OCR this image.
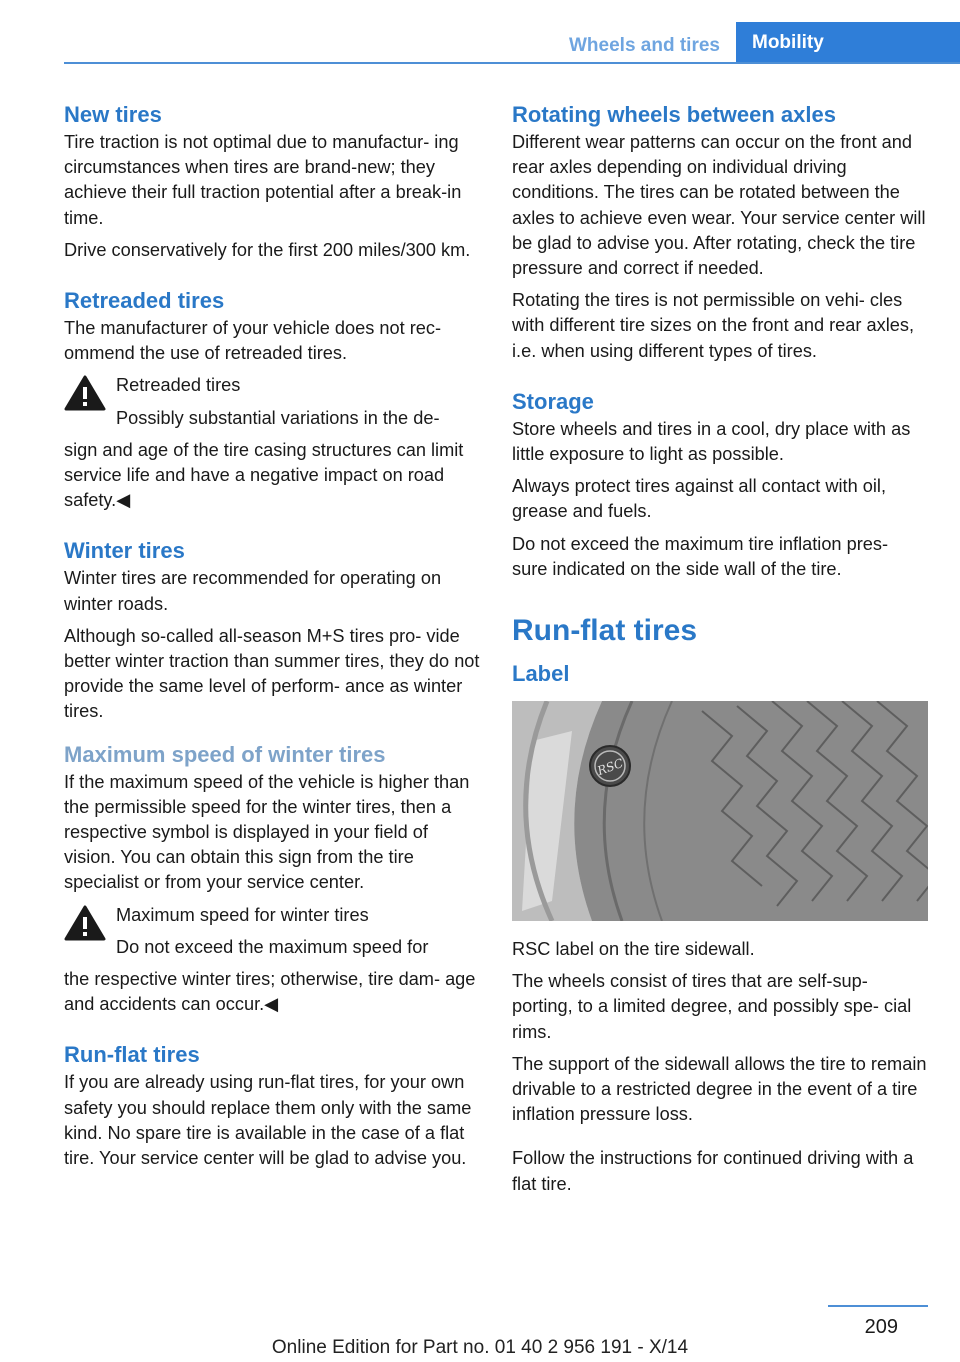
Wheels and tires	Mobility
New tires

Tire traction is not optimal due to manufactur‐ ing circumstances when tires are brand-new; they achieve their full traction potential after a break-in time.

Drive conservatively for the first 200 miles/300 km.

Retreaded tires

The manufacturer of your vehicle does not rec‐ ommend the use of retreaded tires.

Retreaded tires

Possibly substantial variations in the de‐

sign and age of the tire casing structures can limit service life and have a negative impact on road safety.◀

Winter tires

Winter tires are recommended for operating on winter roads.

Although so-called all-season M+S tires pro‐ vide better winter traction than summer tires, they do not provide the same level of perform‐ ance as winter tires.

Maximum speed of winter tires

If the maximum speed of the vehicle is higher than the permissible speed for the winter tires, then a respective symbol is displayed in your field of vision. You can obtain this sign from the tire specialist or from your service center.

Maximum speed for winter tires

Do not exceed the maximum speed for

the respective winter tires; otherwise, tire dam‐ age and accidents can occur.◀

Run-flat tires

If you are already using run-flat tires, for your own safety you should replace them only with the same kind. No spare tire is available in the case of a flat tire. Your service center will be glad to advise you.

Rotating wheels between axles

Different wear patterns can occur on the front and rear axles depending on individual driving conditions. The tires can be rotated between the axles to achieve even wear. Your service center will be glad to advise you. After rotating, check the tire pressure and correct if needed.

Rotating the tires is not permissible on vehi‐ cles with different tire sizes on the front and rear axles, i.e. when using different types of tires.

Storage

Store wheels and tires in a cool, dry place with as little exposure to light as possible.

Always protect tires against all contact with oil, grease and fuels.

Do not exceed the maximum tire inflation pres‐ sure indicated on the side wall of the tire.

Run-flat tires
Label
RSC

RSC label on the tire sidewall.

The wheels consist of tires that are self-sup‐ porting, to a limited degree, and possibly spe‐ cial rims.

The support of the sidewall allows the tire to remain drivable to a restricted degree in the event of a tire inflation pressure loss.

Follow the instructions for continued driving with a flat tire.

209
Online Edition for Part no. 01 40 2 956 191 - X/14
